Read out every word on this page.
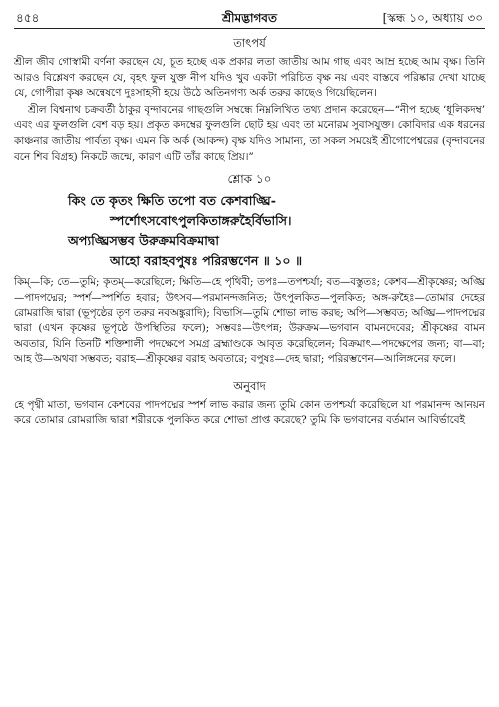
৪৫৪	শ্রীমদ্ভাগবত	[স্কন্ধ ১০, অধ্যায় ৩০
তাৎপর্য

শ্রীল জীব গোস্বামী বর্ণনা করছেন যে, চূত হচ্ছে এক প্রকার লতা জাতীয় আম গাছ এবং আম্র হচ্ছে আম বৃক্ষ। তিনি আরও বিশ্লেষণ করছেন যে, বৃহৎ ফুল যুক্ত নীপ যদিও খুব একটা পরিচিত বৃক্ষ নয় এবং বাস্তবে পরিষ্কার দেখা যাচ্ছে যে, গোপীরা কৃষ্ণ অন্বেষণে দুঃসাহসী হয়ে উঠে অতিনগণ্য অর্ক তরুর কাছেও গিয়েছিলেন।

শ্রীল বিশ্বনাথ চক্রবর্তী ঠাকুর বৃন্দাবনের গাছগুলি সম্বন্ধে নিম্নলিখিত তথ্য প্রদান করেছেন—“নীপ হচ্ছে ‘ধূলিকদম্ব’ এবং এর ফুলগুলি বেশ বড় হয়। প্রকৃত কদম্বের ফুলগুলি ছোট হয় এবং তা মনোরম সুবাসযুক্ত। কোবিদার এক ধরনের কাঞ্চনার জাতীয় পার্বত্য বৃক্ষ। এমন কি অর্ক (আকন্দ) বৃক্ষ যদিও সামান্য, তা সকল সময়েই শ্রীগোপেশ্বরের (বৃন্দাবনের বনে শিব বিগ্রহ) নিকটে জন্মে, কারণ এটি তাঁর কাছে প্রিয়।”

শ্লোক ১০
কিং তে কৃতং ক্ষিতি তপো বত কেশবাঙ্ঘ্রি-
স্পর্শোৎসবোৎপুলকিতাঙ্গরুহৈর্বিভাসি।
অপ্যঙ্ঘ্রিসম্ভব উরুক্রমবিক্রমাদ্বা
আহো বরাহবপুষঃ পরিরম্ভণেন ॥ ১০ ॥

কিম্—কি; তে—তুমি; কৃতম্—করেছিলে; ক্ষিতি—হে পৃথিবী; তপঃ—তপশ্চর্যা; বত—বস্তুতঃ; কেশব—শ্রীকৃষ্ণের; অঙ্ঘ্রি—পাদপদ্মের; স্পর্শ—স্পর্শিত হবার; উৎসব—পরমানন্দজনিত; উৎপুলকিত—পুলকিত; অঙ্গ-রুহৈঃ—তোমার দেহের রোমরাজি দ্বারা (ভূপৃষ্ঠের তৃণ তরুর নবঅঙ্কুরাদি); বিভাসি—তুমি শোভা লাভ করছ; অপি—সম্ভবত; অঙ্ঘ্রি—পাদপদ্মের দ্বারা (এখন কৃষ্ণের ভূপৃষ্ঠে উপস্থিতির ফলে); সম্ভবঃ—উৎপন্ন; উরুক্রম—ভগবান বামনদেবের; শ্রীকৃষ্ণের বামন অবতার, যিনি তিনটি শক্তিশালী পদক্ষেপে সমগ্র ব্রহ্মাণ্ডকে আবৃত করেছিলেন; বিক্রমাৎ—পদক্ষেপের জন্য; বা—বা; আহ উ—অথবা সম্ভবত; বরাহ—শ্রীকৃষ্ণের বরাহ অবতারে; বপুষঃ—দেহ দ্বারা; পরিরম্ভণেন—আলিঙ্গনের ফলে।

অনুবাদ

হে পৃথ্বী মাতা, ভগবান কেশবের পাদপদ্মের স্পর্শ লাভ করার জন্য তুমি কোন তপশ্চর্যা করেছিলে যা পরমানন্দ আনয়ন করে তোমার রোমরাজি দ্বারা শরীরকে পুলকিত করে শোভা প্রাপ্ত করেছে? তুমি কি ভগবানের বর্তমান আবির্ভাবেই
